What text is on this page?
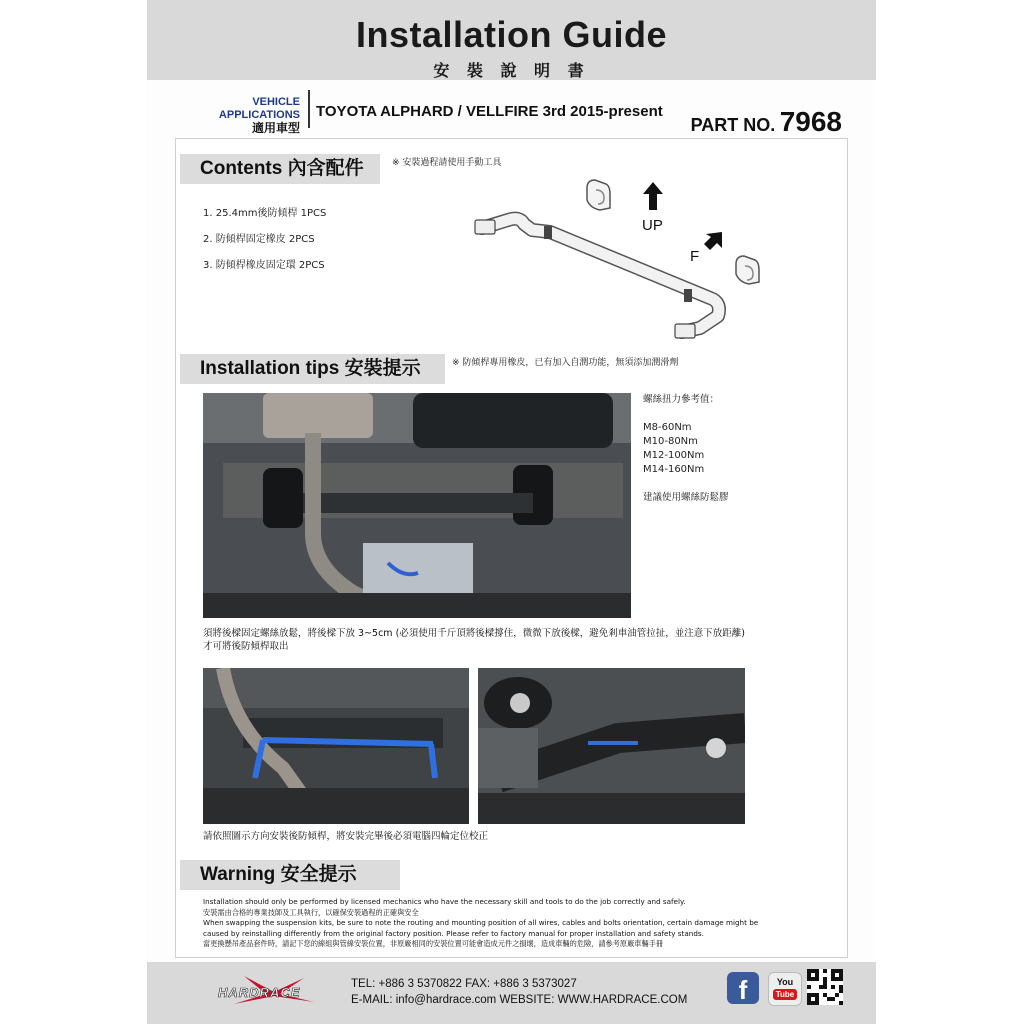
Installation Guide
安 裝 說 明 書
VEHICLE APPLICATIONS
適用車型
TOYOTA ALPHARD / VELLFIRE 3rd 2015-present
PART NO. 7968
Contents 內含配件	※ 安裝過程請使用手動工具
1. 25.4mm後防傾桿 1PCS
2. 防傾桿固定橡皮 2PCS
3. 防傾桿橡皮固定環 2PCS
UP
F
Installation tips 安裝提示	※ 防傾桿專用橡皮，已有加入自潤功能，無須添加潤滑劑
螺絲扭力參考值：
M8-60Nm
M10-80Nm
M12-100Nm
M14-160Nm
建議使用螺絲防鬆膠
須將後樑固定螺絲放鬆，將後樑下放 3~5cm (必須使用千斤頂將後樑撐住，微微下放後樑，避免剎車油管拉扯，並注意下放距離)
才可將後防傾桿取出
請依照圖示方向安裝後防傾桿，將安裝完畢後必須電腦四輪定位校正
Warning 安全提示
Installation should only be performed by licensed mechanics who have the necessary skill and tools to do the job correctly and safely.
安裝需由合格的專業技師及工具執行，以確保安裝過程的正確與安全
When swapping the suspension kits, be sure to note the routing and mounting position of all wires, cables and bolts orientation, certain damage might be
caused by reinstalling differently from the original factory position. Please refer to factory manual for proper installation and safety stands.
當更換懸吊產品套件時，請記下您的線組與管線安裝位置，非原廠相同的安裝位置可能會造成元件之損壞，造成車輛的危險，請參考原廠車輛手冊
HARDRACE
TEL: +886 3 5370822 FAX: +886 3 5373027
E-MAIL: info@hardrace.com WEBSITE: WWW.HARDRACE.COM	f	You
Tube
